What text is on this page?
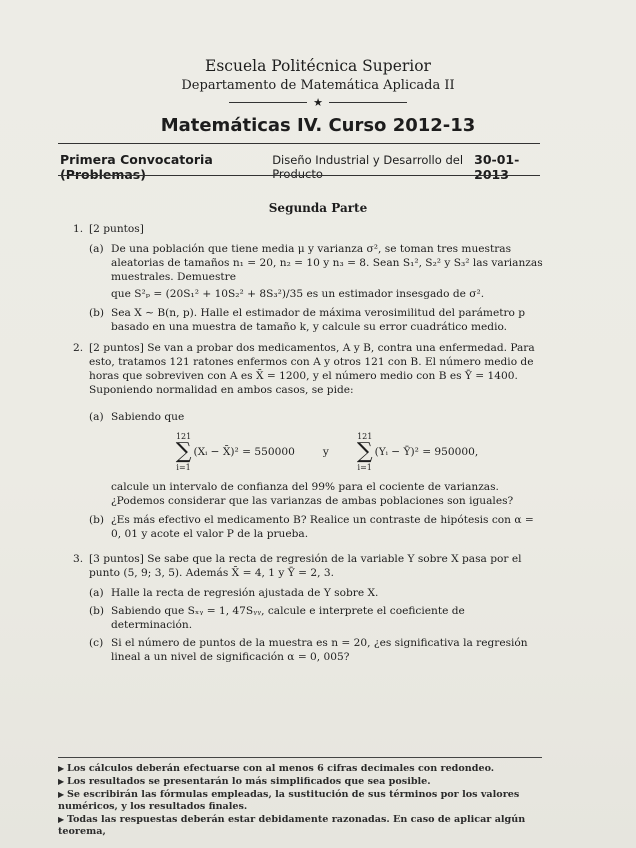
Escuela Politécnica Superior
Departamento de Matemática Aplicada II
★
Matemáticas IV. Curso 2012-13
Primera Convocatoria (Problemas)
Diseño Industrial y Desarrollo del Producto
30-01-2013
Segunda Parte
1. [2 puntos]
(a) De una población que tiene media μ y varianza σ², se toman tres muestras aleatorias de tamaños n₁ = 20, n₂ = 10 y n₃ = 8. Sean S₁², S₂² y S₃² las varianzas muestrales. Demuestre
que S²ₚ = (20S₁² + 10S₂² + 8S₃²)/35 es un estimador insesgado de σ².
(b) Sea X ∼ B(n, p). Halle el estimador de máxima verosimilitud del parámetro p basado en una muestra de tamaño k, y calcule su error cuadrático medio.
2. [2 puntos] Se van a probar dos medicamentos, A y B, contra una enfermedad. Para esto, tratamos 121 ratones enfermos con A y otros 121 con B. El número medio de horas que sobreviven con A es X̄ = 1200, y el número medio con B es Ȳ = 1400. Suponiendo normalidad en ambos casos, se pide:
(a) Sabiendo que
121
∑
i=1
(Xᵢ − X̄)² = 550000	y
121
∑
i=1
(Yᵢ − Ȳ)² = 950000,
calcule un intervalo de confianza del 99% para el cociente de varianzas. ¿Podemos considerar que las varianzas de ambas poblaciones son iguales?
(b) ¿Es más efectivo el medicamento B? Realice un contraste de hipótesis con α = 0, 01 y acote el valor P de la prueba.
3. [3 puntos] Se sabe que la recta de regresión de la variable Y sobre X pasa por el punto (5, 9; 3, 5). Además X̄ = 4, 1 y Ȳ = 2, 3.
(a) Halle la recta de regresión ajustada de Y sobre X.
(b) Sabiendo que Sₓᵧ = 1, 47Sᵧᵧ, calcule e interprete el coeficiente de determinación.
(c) Si el número de puntos de la muestra es n = 20, ¿es significativa la regresión lineal a un nivel de significación α = 0, 005?
▶ Los cálculos deberán efectuarse con al menos 6 cifras decimales con redondeo.
▶ Los resultados se presentarán lo más simplificados que sea posible.
▶ Se escribirán las fórmulas empleadas, la sustitución de sus términos por los valores numéricos, y los resultados finales.
▶ Todas las respuestas deberán estar debidamente razonadas. En caso de aplicar algún teorema,
